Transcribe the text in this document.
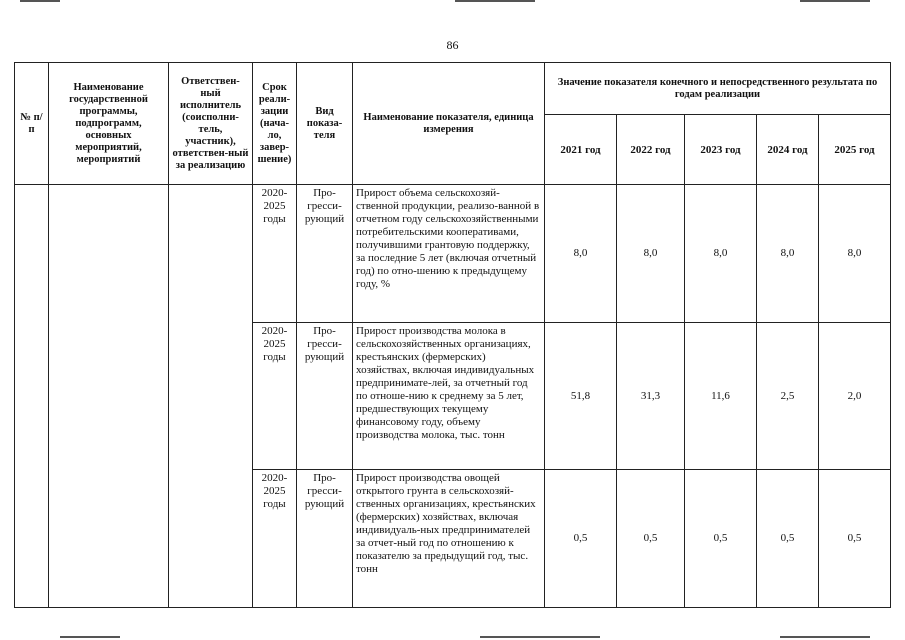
86
№ п/п	Наименование государственной программы, подпрограмм, основных мероприятий, мероприятий	Ответствен-ный исполнитель (соисполни-тель, участник), ответствен-ный за реализацию	Срок реали-зации (нача-ло, завер-шение)	Вид показа-теля	Наименование показателя, единица измерения	Значение показателя конечного и непосредственного результата по годам реализации				
						2021 год	2022 год	2023 год	2024 год	2025 год
			2020-2025 годы	Про-гресси-рующий	Прирост объема сельскохозяй-ственной продукции, реализо-ванной в отчетном году сельскохозяйственными потребительскими кооперативами, получившими грантовую поддержку, за последние 5 лет (включая отчетный год) по отно-шению к предыдущему году, %	8,0	8,0	8,0	8,0	8,0
			2020-2025 годы	Про-гресси-рующий	Прирост производства молока в сельскохозяйственных организациях, крестьянских (фермерских) хозяйствах, включая индивидуальных предпринимате-лей, за отчетный год по отноше-нию к среднему за 5 лет, предшествующих текущему финансовому году, объему производства молока, тыс. тонн	51,8	31,3	11,6	2,5	2,0
			2020-2025 годы	Про-гресси-рующий	Прирост производства овощей открытого грунта в сельскохозяй-ственных организациях, крестьянских (фермерских) хозяйствах, включая индивидуаль-ных предпринимателей за отчет-ный год по отношению к показателю за предыдущий год, тыс. тонн	0,5	0,5	0,5	0,5	0,5
